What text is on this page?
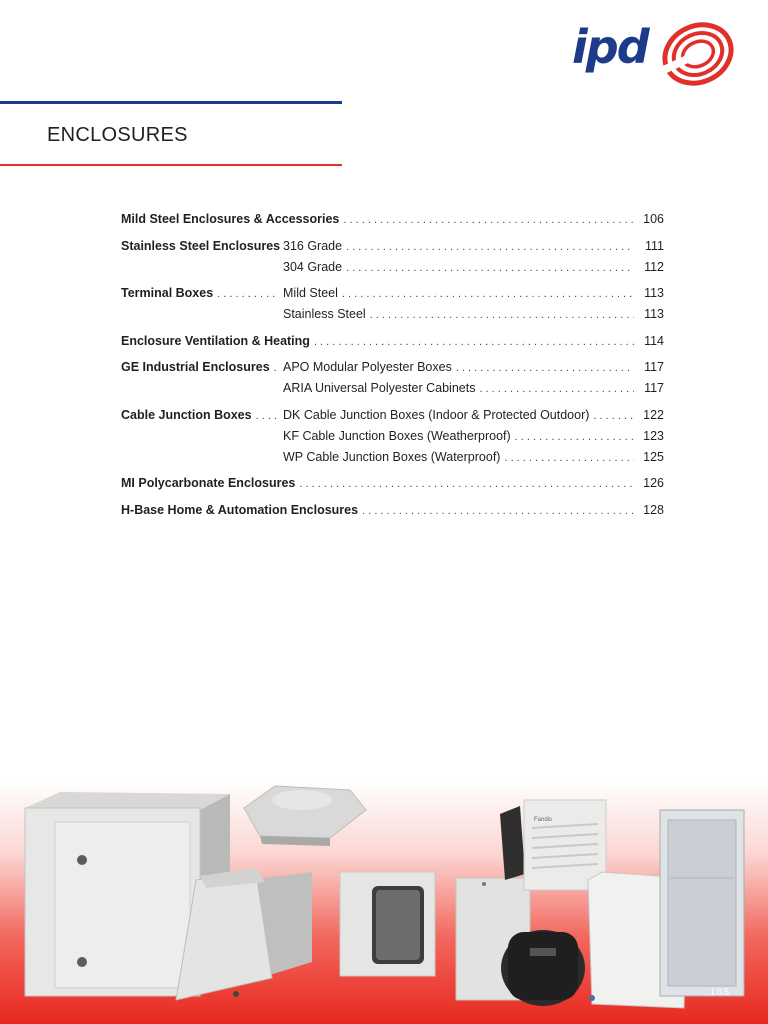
ipd
ENCLOSURES
Mild Steel Enclosures & Accessories . . .	106
Stainless Steel Enclosures 316 Grade . . .	111
304 Grade . . .	112
Terminal Boxes . . .	Mild Steel . . .	113
Stainless Steel . . .	113
Enclosure Ventilation & Heating . . .	114
GE Industrial Enclosures . . . APO Modular Polyester Boxes . . .	117
ARIA Universal Polyester Cabinets . . .	117
Cable Junction Boxes . . .	DK Cable Junction Boxes (Indoor & Protected Outdoor) . . .	122
KF Cable Junction Boxes (Weatherproof) . . .	123
WP Cable Junction Boxes (Waterproof) . . .	125
MI Polycarbonate Enclosures . . .	126
H-Base Home & Automation Enclosures . . .	128
Fandis
105
